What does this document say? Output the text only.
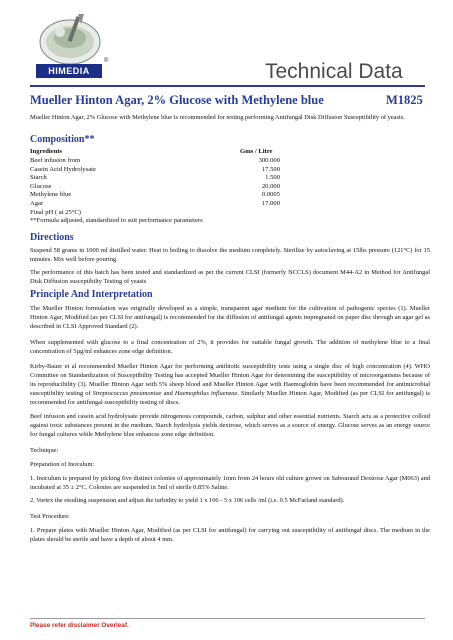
HIMEDIA
®	Technical Data
Mueller Hinton Agar, 2% Glucose with Methylene blue	M1825
Mueller Hinton Agar, 2% Glucose with Methylene blue is recommended for testing performing Antifungal Disk Diffusion Susceptibility of yeasts.
Composition**
Ingredients	Gms / Litre
Beef infusion from	300.000
Casein Acid Hydrolysate	17.500
Starch	1.500
Glucose	20.000
Methylene blue	0.0005
Agar	17.000
Final pH ( at 25°C)
**Formula adjusted, standardized to suit performance parameters
Directions
Suspend 58 grams in 1000 ml distilled water. Heat to boiling to dissolve the medium completely. Sterilize by autoclaving at 15lbs pressure (121°C) for 15 minutes. Mix well before pouring.
The performance of this batch has been tested and standardized as per the current CLSI (formerly NCCLS) document M44-A2 in Method for Antifungal Disk Diffusion susceptibilty Testing of yeasts
Principle And Interpretation
The Mueller Hinton formulation was originally developed as a simple, transparent agar medium for the cultivation of pathogenic species (1). Mueller Hinton Agar, Modified (as per CLSI for antifungal) is recommended for the diffusion of antifungal agents impregnated on paper disc through an agar gel as described in CLSI Approved Standard (2).
When supplemented with glucose to a final concentration of 2%, it provides for suitable fungal growth. The addition of methylene blue to a final concentration of 5µg/ml enhances zone edge definition.
Kirby-Bauer et al recommended Mueller Hinton Agar for performing antibiotic susceptibility tests using a single disc of high concentration (4). WHO Committee on Standardization of Susceptibility Testing has accepted Mueller Hinton Agar for determining the susceptibility of microorganisms because of its reproducibility (3). Mueller Hinton Agar with 5% sheep blood and Mueller Hinton Agar with Haemoglobin have been recommended for antimicrobial susceptibility testing of Streptococcus pneumoniae and Haemophilus influenzae. Similarly Mueller Hinton Agar, Modified (as per CLSI for antifungal) is recommended for antifungal susceptibility testing of discs.
Beef infusion and casein acid hydrolysate provide nitrogenous compounds, carbon, sulphur and other essential nutrients. Starch acts as a protective colloid against toxic substances present in the medium. Starch hydrolysis yields dextrose, which serves as a source of energy. Glucose serves as an energy source for fungal cultures while Methylene blue enhances zone edge definition.
Technique:
Preparation of Inoculum:
1. Inoculum is prepared by picking five distinct colonies of approximately 1mm from 24 hours old culture grown on Sabouraud Dextrose Agar (M063) and incubated at 35 ± 2°C. Colonies are suspended in 5ml of sterile 0.85% Saline.
2. Vortex the resulting suspension and adjust the turbidity to yield 1 x 106 - 5 x 106 cells /ml (i.e. 0.5 McFarland standard).
Test Procedure:
1. Prepare plates with Mueller Hinton Agar, Modified (as per CLSI for antifungal) for carrying out susceptibility of antifungal discs. The medium in the plates should be sterile and have a depth of about 4 mm.
Please refer disclaimer Overleaf.
